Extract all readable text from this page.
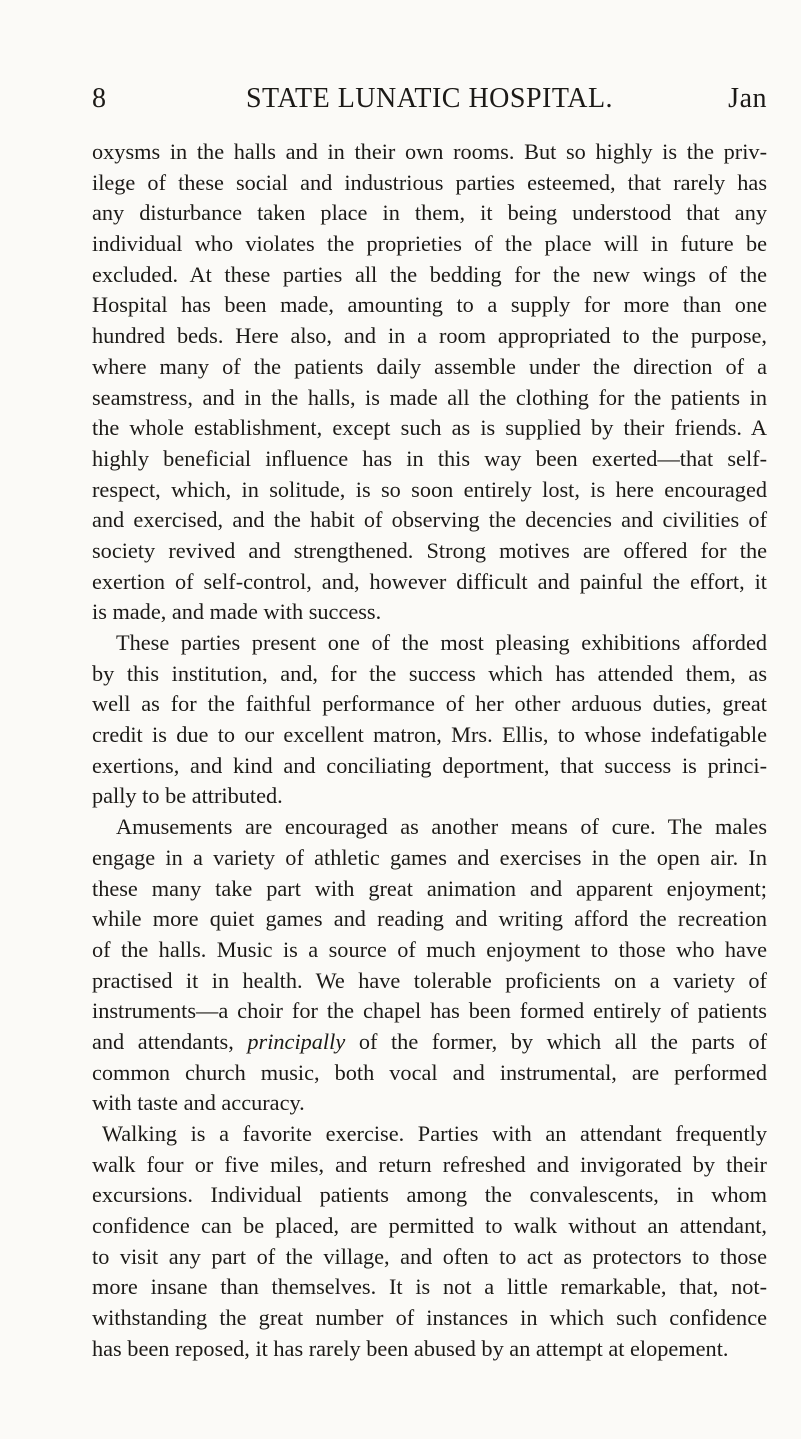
8	STATE LUNATIC HOSPITAL.	Jan
oxysms in the halls and in their own rooms. But so highly is the priv-
ilege of these social and industrious parties esteemed, that rarely has
any disturbance taken place in them, it being understood that any
individual who violates the proprieties of the place will in future be
excluded. At these parties all the bedding for the new wings of the
Hospital has been made, amounting to a supply for more than one
hundred beds. Here also, and in a room appropriated to the purpose,
where many of the patients daily assemble under the direction of a
seamstress, and in the halls, is made all the clothing for the patients in
the whole establishment, except such as is supplied by their friends. A
highly beneficial influence has in this way been exerted—that self-
respect, which, in solitude, is so soon entirely lost, is here encouraged
and exercised, and the habit of observing the decencies and civilities of
society revived and strengthened. Strong motives are offered for the
exertion of self-control, and, however difficult and painful the effort, it
is made, and made with success.
These parties present one of the most pleasing exhibitions afforded
by this institution, and, for the success which has attended them, as
well as for the faithful performance of her other arduous duties, great
credit is due to our excellent matron, Mrs. Ellis, to whose indefatigable
exertions, and kind and conciliating deportment, that success is princi-
pally to be attributed.
Amusements are encouraged as another means of cure. The males
engage in a variety of athletic games and exercises in the open air. In
these many take part with great animation and apparent enjoyment;
while more quiet games and reading and writing afford the recreation
of the halls. Music is a source of much enjoyment to those who have
practised it in health. We have tolerable proficients on a variety of
instruments—a choir for the chapel has been formed entirely of patients
and attendants, principally of the former, by which all the parts of
common church music, both vocal and instrumental, are performed
with taste and accuracy.
Walking is a favorite exercise. Parties with an attendant frequently
walk four or five miles, and return refreshed and invigorated by their
excursions. Individual patients among the convalescents, in whom
confidence can be placed, are permitted to walk without an attendant,
to visit any part of the village, and often to act as protectors to those
more insane than themselves. It is not a little remarkable, that, not-
withstanding the great number of instances in which such confidence
has been reposed, it has rarely been abused by an attempt at elopement.
